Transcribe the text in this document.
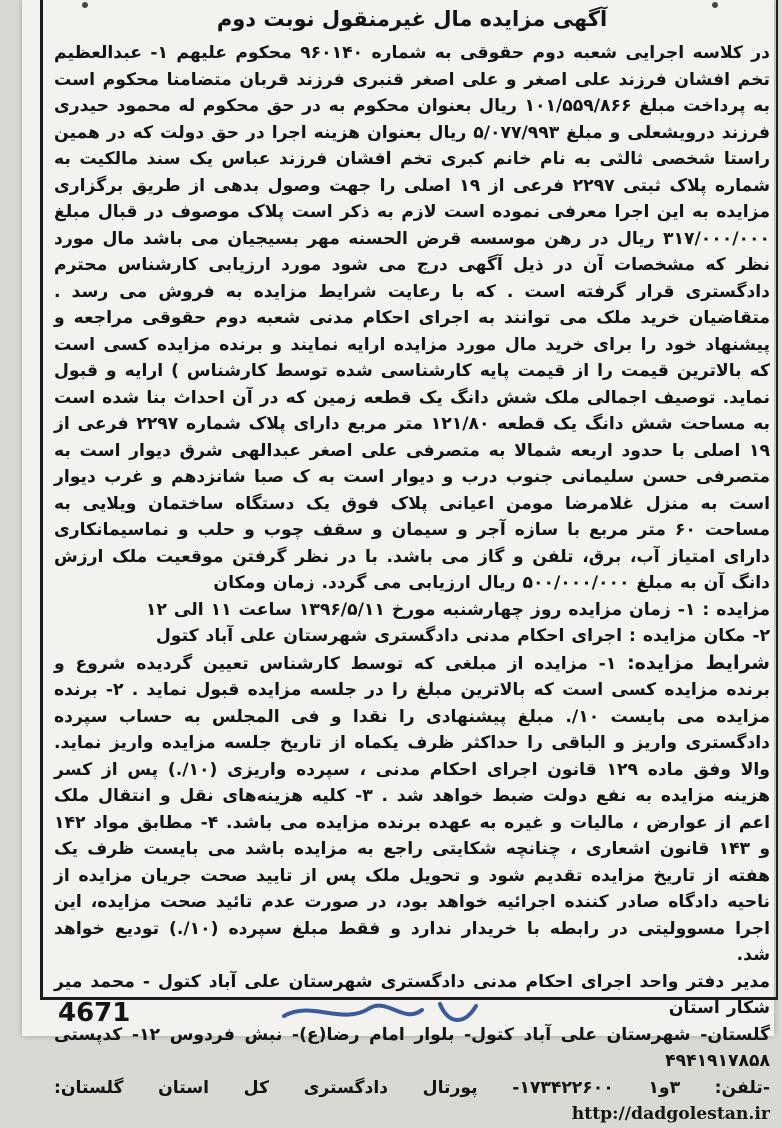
آگهی مزایده مال غیرمنقول نوبت دوم

در کلاسه اجرایی شعبه دوم حقوقی به شماره ۹۶۰۱۴۰ محکوم علیهم ۱- عبدالعظیم تخم افشان فرزند علی اصغر و علی اصغر قنبری فرزند قربان متضامنا محکوم است به پرداخت مبلغ ۱۰۱/۵۵۹/۸۶۶ ریال بعنوان محکوم به در حق محکوم له محمود حیدری فرزند درویشعلی و مبلغ ۵/۰۷۷/۹۹۳ ریال بعنوان هزینه اجرا در حق دولت که در همین راستا شخصی ثالثی به نام خانم کبری تخم افشان فرزند عباس یک سند مالکیت به شماره پلاک ثبتی ۲۲۹۷ فرعی از ۱۹ اصلی را جهت وصول بدهی از طریق برگزاری مزایده به این اجرا معرفی نموده است لازم به ذکر است پلاک موصوف در قبال مبلغ ۳۱۷/۰۰۰/۰۰۰ ریال در رهن موسسه قرض الحسنه مهر بسیجیان می باشد مال مورد نظر که مشخصات آن در ذیل آگهی درج می شود مورد ارزیابی کارشناس محترم دادگستری قرار گرفته است . که با رعایت شرایط مزایده به فروش می رسد . متقاضیان خرید ملک می توانند به اجرای احکام مدنی شعبه دوم حقوقی مراجعه و پیشنهاد خود را برای خرید مال مورد مزایده ارایه نمایند و برنده مزایده کسی است که بالاترین قیمت را از قیمت پایه کارشناسی شده توسط کارشناس ) ارایه و قبول نماید. توصیف اجمالی ملک شش دانگ یک قطعه زمین که در آن احداث بنا شده است به مساحت شش دانگ یک قطعه ۱۲۱/۸۰ متر مربع دارای پلاک شماره ۲۲۹۷ فرعی از ۱۹ اصلی با حدود اربعه شمالا به متصرفی علی اصغر عبدالهی شرق دیوار است به متصرفی حسن سلیمانی جنوب درب و دیوار است به ک صبا شانزدهم و غرب دیوار است به منزل غلامرضا مومن اعیانی پلاک فوق یک دستگاه ساختمان ویلایی به مساحت ۶۰ متر مربع با سازه آجر و سیمان و سقف چوب و حلب و نماسیمانکاری دارای امتیاز آب، برق، تلفن و گاز می باشد. با در نظر گرفتن موقعیت ملک ارزش دانگ آن به مبلغ ۵۰۰/۰۰۰/۰۰۰ ریال ارزیابی می گردد. زمان ومکان

مزایده : ۱- زمان مزایده روز چهارشنبه مورخ ۱۳۹۶/۵/۱۱ ساعت ۱۱ الی ۱۲

۲- مکان مزایده : اجرای احکام مدنی دادگستری شهرستان علی آباد کتول

شرایط مزایده: ۱- مزایده از مبلغی که توسط کارشناس تعیین گردیده شروع و برنده مزایده کسی است که بالاترین مبلغ را در جلسه مزایده قبول نماید . ۲- برنده مزایده می بایست ۱۰/. مبلغ پیشنهادی را نقدا و فی المجلس به حساب سپرده دادگستری واریز و الباقی را حداکثر ظرف یکماه از تاریخ جلسه مزایده واریز نماید. والا وفق ماده ۱۲۹ قانون اجرای احکام مدنی ، سپرده واریزی (۱۰/.) پس از کسر هزینه مزایده به نفع دولت ضبط خواهد شد . ۳- کلیه هزینه‌های نقل و انتقال ملک اعم از عوارض ، مالیات و غیره به عهده برنده مزایده می باشد. ۴- مطابق مواد ۱۴۲ و ۱۴۳ قانون اشعاری ، چنانچه شکایتی راجع به مزایده باشد می بایست ظرف یک هفته از تاریخ مزایده تقدیم شود و تحویل ملک پس از تایید صحت جریان مزایده از ناحیه دادگاه صادر کننده اجرائیه خواهد بود، در صورت عدم تائید صحت مزایده، این اجرا مسوولیتی در رابطه با خریدار ندارد و فقط مبلغ سپرده (۱۰/.) تودیع خواهد شد.

مدیر دفتر واحد اجرای احکام مدنی دادگستری شهرستان علی آباد کتول - محمد میر شکار استان

گلستان- شهرستان علی آباد کتول- بلوار امام رضا(ع)- نبش فردوس ۱۲- کدپستی ۴۹۴۱۹۱۷۸۵۸

-تلفن: ۳و۱ ۱۷۳۴۲۲۶۰۰- پورتال دادگستری کل استان گلستان: http://dadgolestan.ir

4671
